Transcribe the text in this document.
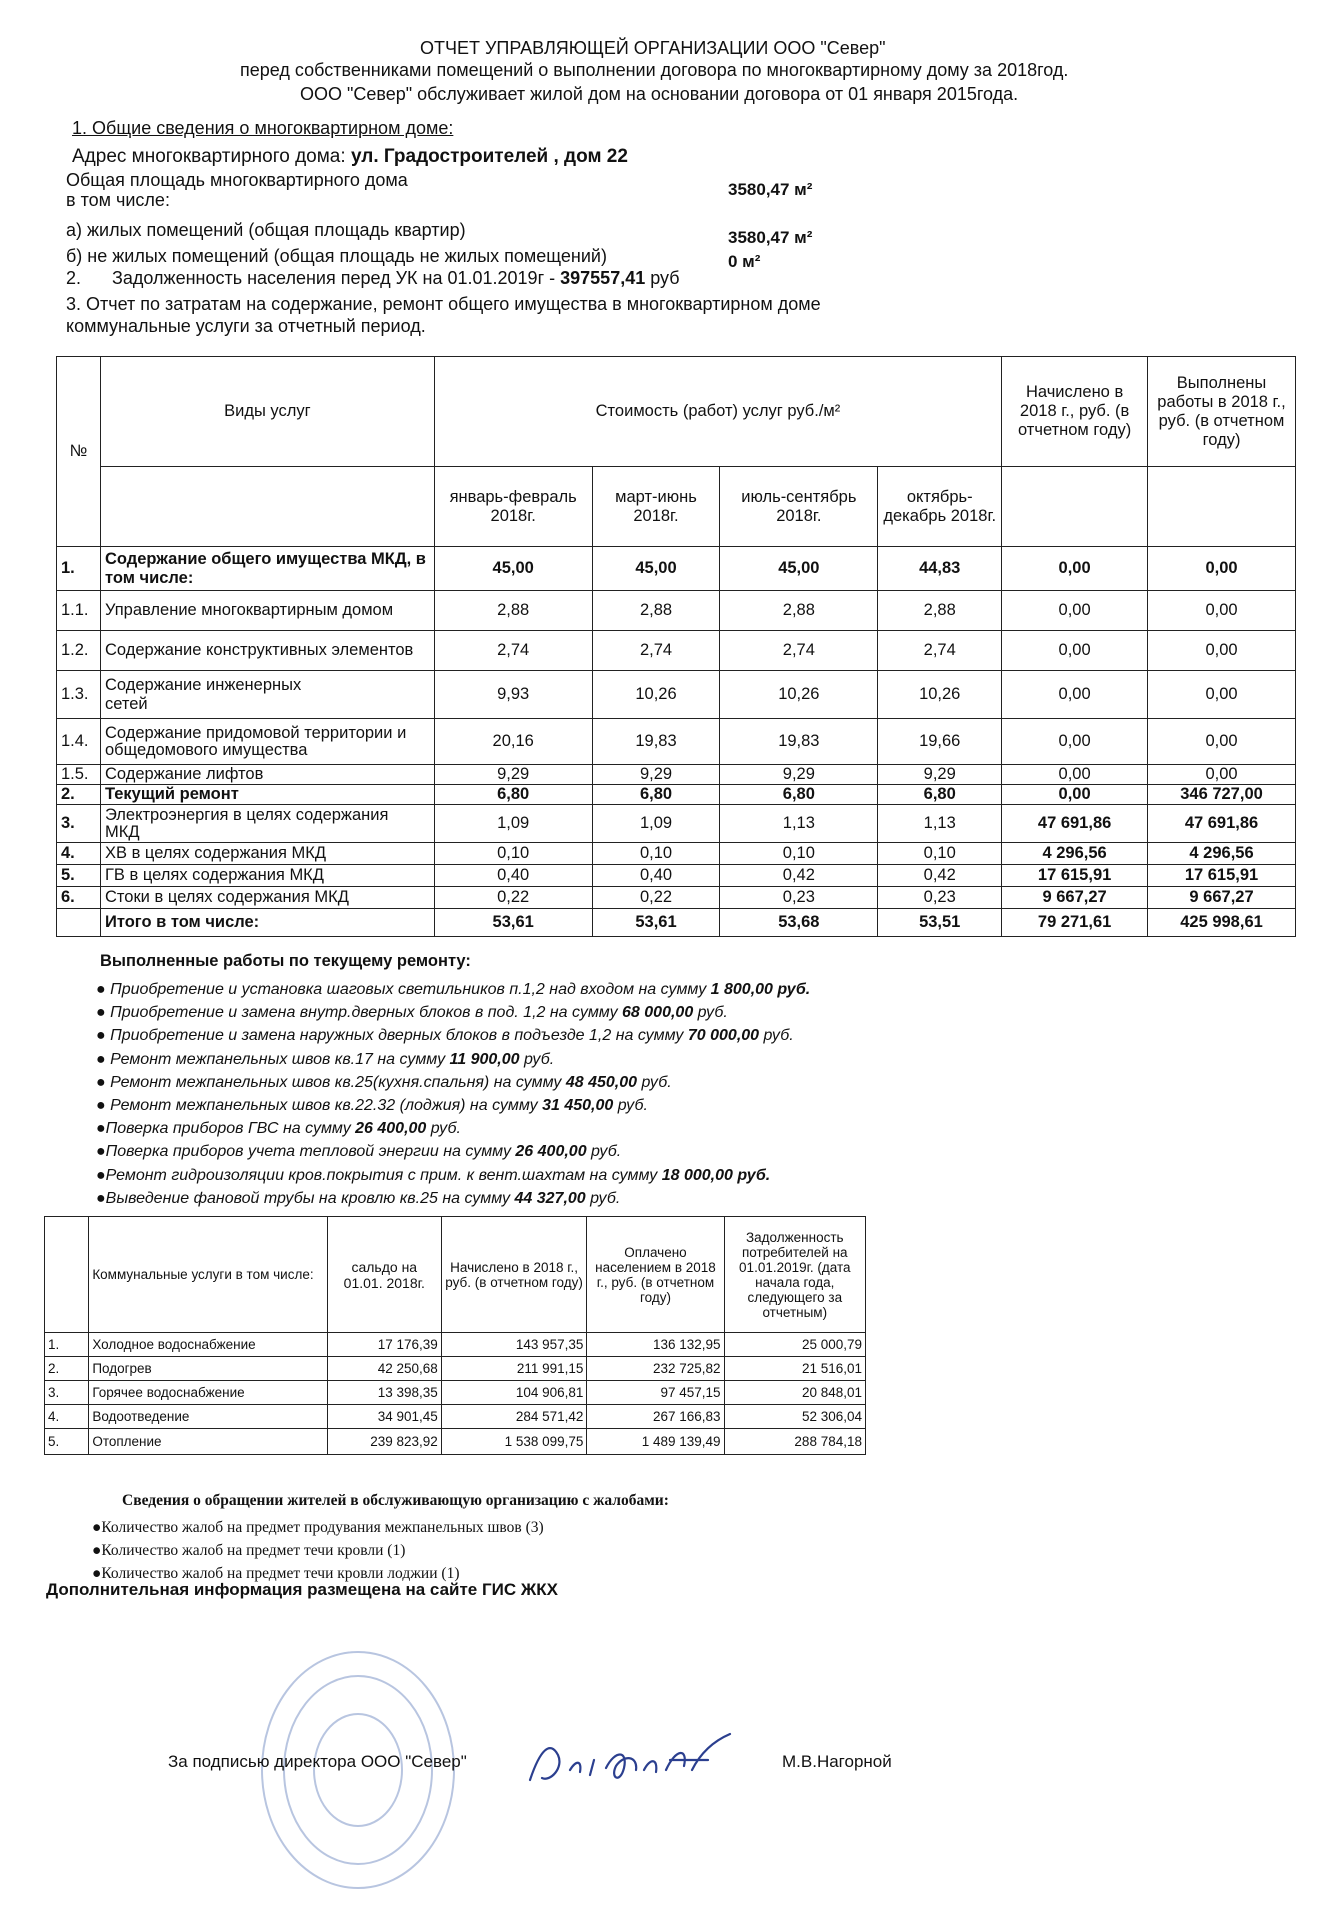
ОТЧЕТ УПРАВЛЯЮЩЕЙ ОРГАНИЗАЦИИ ООО "Север"
перед собственниками помещений о выполнении договора по многоквартирному дому за 2018год.
ООО "Север" обслуживает жилой дом на основании договора от 01 января 2015года.
1. Общие сведения о многоквартирном доме:
Адрес многоквартирного дома: ул. Градостроителей , дом 22
Общая площадь многоквартирного дома	3580,47 м²
в том числе:
а) жилых помещений (общая площадь квартир)	3580,47 м²
б) не жилых помещений (общая площадь не жилых помещений)	0 м²
2. Задолженность населения перед УК на 01.01.2019г - 397557,41 руб
3. Отчет по затратам на содержание, ремонт общего имущества в многоквартирном доме
коммунальные услуги за отчетный период.
№	Виды услуг	Стоимость (работ) услуг руб./м²				Начислено в 2018 г., руб. (в отчетном году)	Выполнены работы в 2018 г., руб. (в отчетном году)
		январь-февраль 2018г.	март-июнь 2018г.	июль-сентябрь 2018г.	октябрь-декабрь 2018г.		
1.	Содержание общего имущества МКД, в том числе:	45,00	45,00	45,00	44,83	0,00	0,00
1.1.	Управление многоквартирным домом	2,88	2,88	2,88	2,88	0,00	0,00
1.2.	Содержание конструктивных элементов	2,74	2,74	2,74	2,74	0,00	0,00
1.3.	Содержание инженерных сетей	9,93	10,26	10,26	10,26	0,00	0,00
1.4.	Содержание придомовой территории и общедомового имущества	20,16	19,83	19,83	19,66	0,00	0,00
1.5.	Содержание лифтов	9,29	9,29	9,29	9,29	0,00	0,00
2.	Текущий ремонт	6,80	6,80	6,80	6,80	0,00	346 727,00
3.	Электроэнергия в целях содержания МКД	1,09	1,09	1,13	1,13	47 691,86	47 691,86
4.	ХВ в целях содержания МКД	0,10	0,10	0,10	0,10	4 296,56	4 296,56
5.	ГВ в целях содержания МКД	0,40	0,40	0,42	0,42	17 615,91	17 615,91
6.	Стоки в целях содержания МКД	0,22	0,22	0,23	0,23	9 667,27	9 667,27
	Итого в том числе:	53,61	53,61	53,68	53,51	79 271,61	425 998,61
Выполненные работы по текущему ремонту:
● Приобретение и установка шаговых светильников п.1,2 над входом на сумму 1 800,00 руб.
● Приобретение и замена внутр.дверных блоков в под. 1,2 на сумму 68 000,00 руб.
● Приобретение и замена наружных дверных блоков в подъезде 1,2 на сумму 70 000,00 руб.
● Ремонт межпанельных швов кв.17 на сумму 11 900,00 руб.
● Ремонт межпанельных швов кв.25(кухня.спальня) на сумму 48 450,00 руб.
● Ремонт межпанельных швов кв.22.32 (лоджия) на сумму 31 450,00 руб.
●Поверка приборов ГВС на сумму 26 400,00 руб.
●Поверка приборов учета тепловой энергии на сумму 26 400,00 руб.
●Ремонт гидроизоляции кров.покрытия с прим. к вент.шахтам на сумму 18 000,00 руб.
●Выведение фановой трубы на кровлю кв.25 на сумму 44 327,00 руб.
	Коммунальные услуги в том числе:	сальдо на 01.01. 2018г.	Начислено в 2018 г., руб. (в отчетном году)	Оплачено населением в 2018 г., руб. (в отчетном году)	Задолженность потребителей на 01.01.2019г. (дата начала года, следующего за отчетным)
1.	Холодное водоснабжение	17 176,39	143 957,35	136 132,95	25 000,79
2.	Подогрев	42 250,68	211 991,15	232 725,82	21 516,01
3.	Горячее водоснабжение	13 398,35	104 906,81	97 457,15	20 848,01
4.	Водоотведение	34 901,45	284 571,42	267 166,83	52 306,04
5.	Отопление	239 823,92	1 538 099,75	1 489 139,49	288 784,18
Сведения о обращении жителей в обслуживающую организацию с жалобами:
●Количество жалоб на предмет продувания межпанельных швов (3)
●Количество жалоб на предмет течи кровли (1)
●Количество жалоб на предмет течи кровли лоджии (1)
Дополнительная информация размещена на сайте ГИС ЖКХ
За подписью директора ООО "Север"	М.В.Нагорной
